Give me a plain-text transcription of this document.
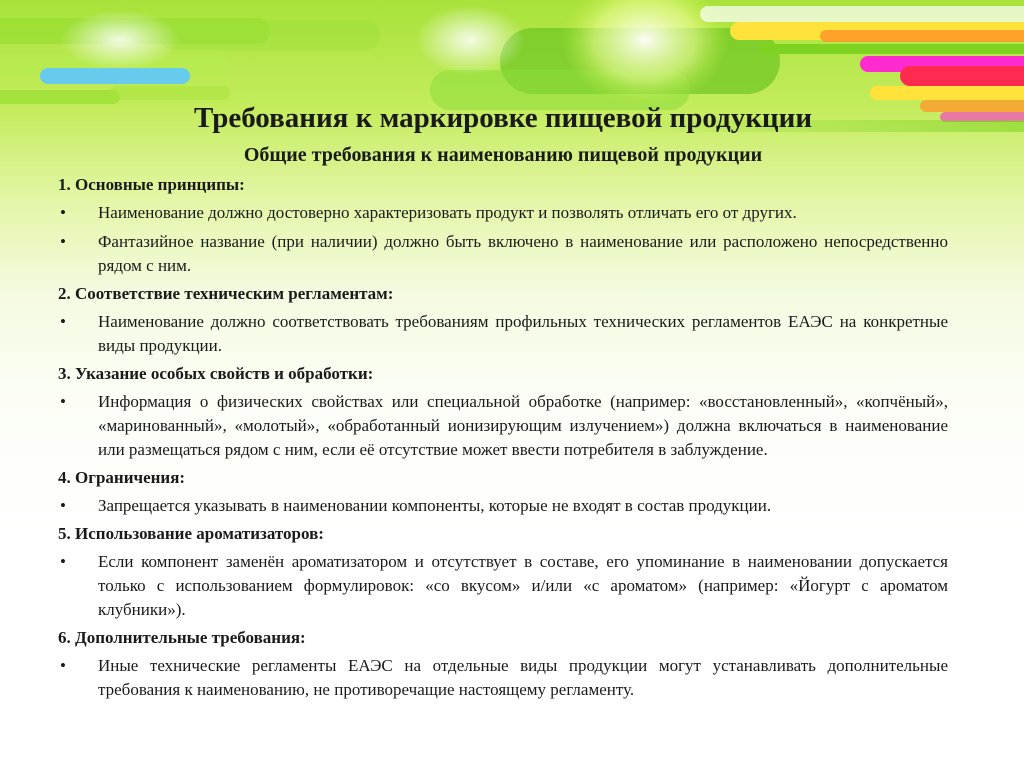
Требования к маркировке пищевой продукции
Общие требования к наименованию пищевой продукции
1. Основные принципы:
• Наименование должно достоверно характеризовать продукт и позволять отличать его от других.
• Фантазийное название (при наличии) должно быть включено в наименование или расположено непосредственно рядом с ним.
2. Соответствие техническим регламентам:
• Наименование должно соответствовать требованиям профильных технических регламентов ЕАЭС на конкретные виды продукции.
3. Указание особых свойств и обработки:
• Информация о физических свойствах или специальной обработке (например: «восстановленный», «копчёный», «маринованный», «молотый», «обработанный ионизирующим излучением») должна включаться в наименование или размещаться рядом с ним, если её отсутствие может ввести потребителя в заблуждение.
4. Ограничения:
• Запрещается указывать в наименовании компоненты, которые не входят в состав продукции.
5. Использование ароматизаторов:
• Если компонент заменён ароматизатором и отсутствует в составе, его упоминание в наименовании допускается только с использованием формулировок: «со вкусом» и/или «с ароматом» (например: «Йогурт с ароматом клубники»).
6. Дополнительные требования:
• Иные технические регламенты ЕАЭС на отдельные виды продукции могут устанавливать дополнительные требования к наименованию, не противоречащие настоящему регламенту.
